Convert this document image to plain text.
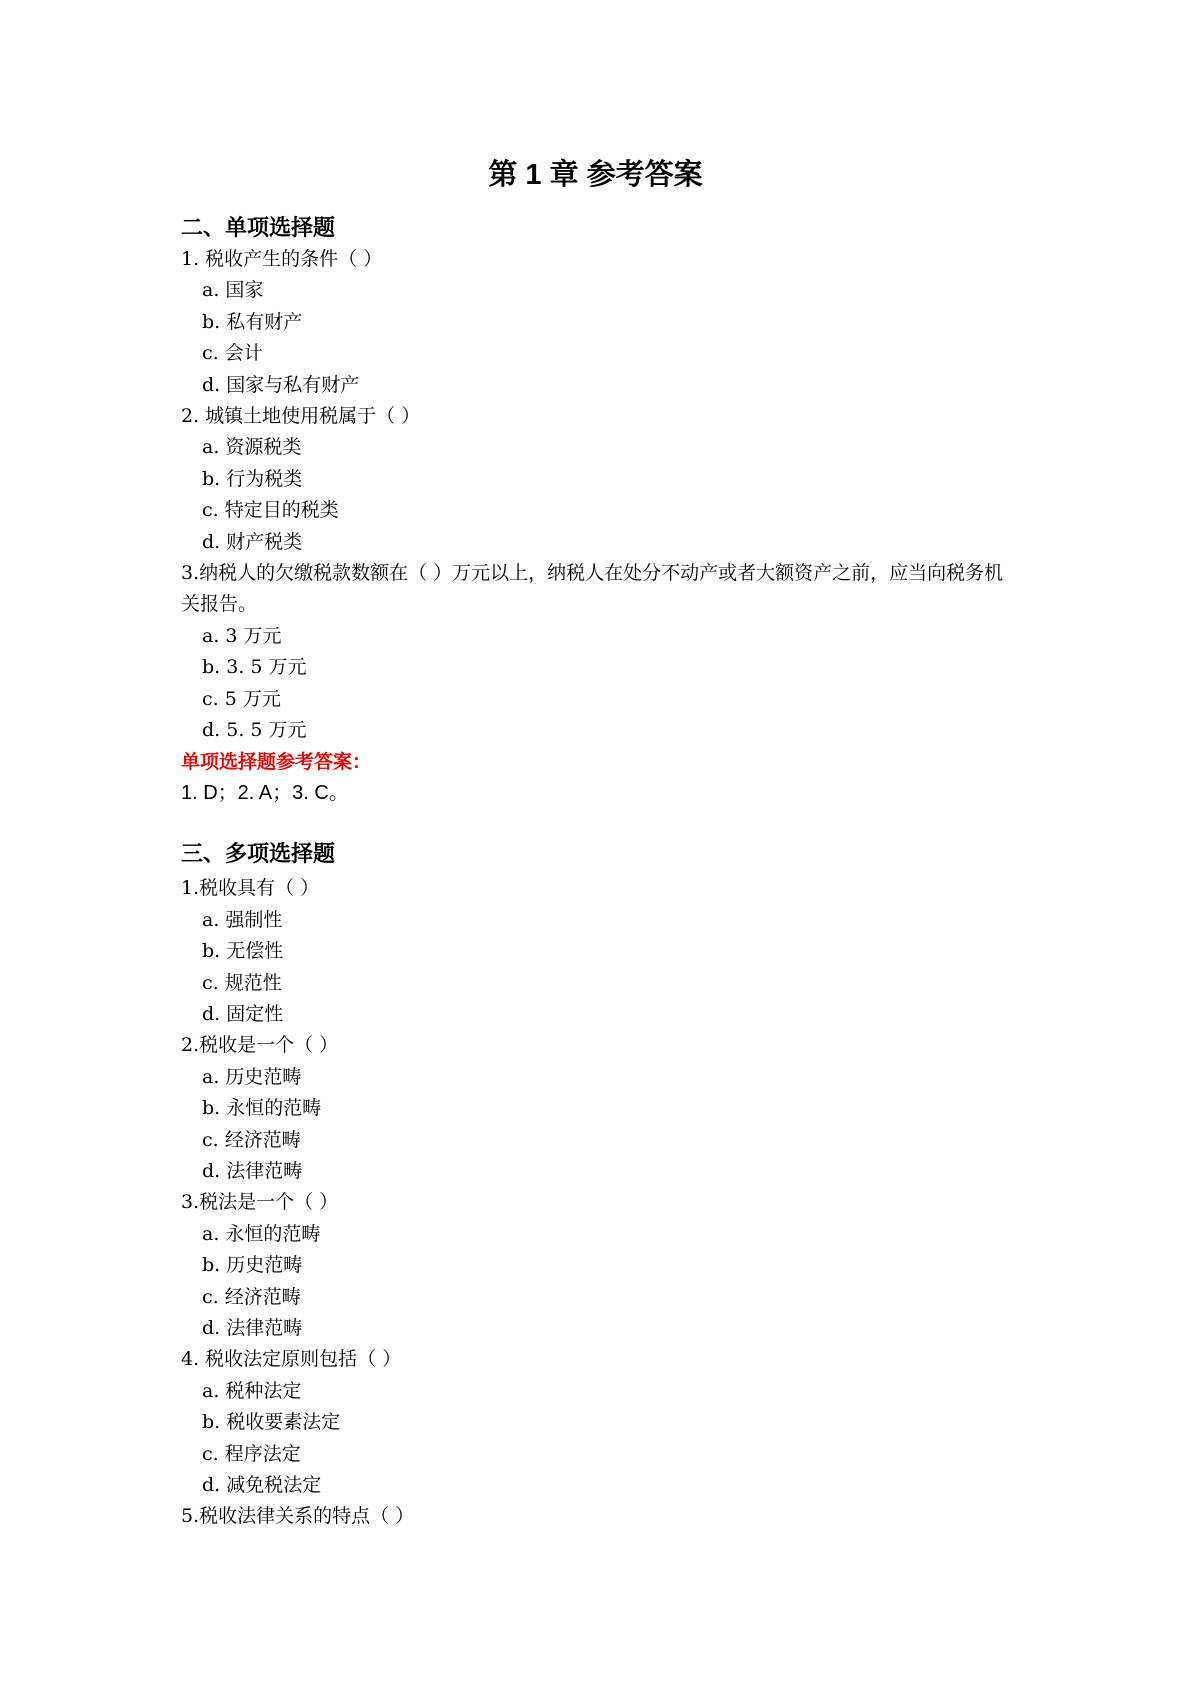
第 1 章 参考答案

二、单项选择题

1. 税收产生的条件（ ）

a. 国家

b. 私有财产

c. 会计

d. 国家与私有财产

2. 城镇土地使用税属于（ ）

a. 资源税类

b. 行为税类

c. 特定目的税类

d. 财产税类

3.纳税人的欠缴税款数额在（ ）万元以上，纳税人在处分不动产或者大额资产之前，应当向税务机关报告。

a. 3 万元

b. 3. 5 万元

c. 5 万元

d. 5. 5 万元

单项选择题参考答案：

1. D；2. A；3. C。

三、多项选择题

1.税收具有（ ）

a. 强制性

b. 无偿性

c. 规范性

d. 固定性

2.税收是一个（ ）

a. 历史范畴

b. 永恒的范畴

c. 经济范畴

d. 法律范畴

3.税法是一个（ ）

a. 永恒的范畴

b. 历史范畴

c. 经济范畴

d. 法律范畴

4. 税收法定原则包括（ ）

a. 税种法定

b. 税收要素法定

c. 程序法定

d. 减免税法定

5.税收法律关系的特点（ ）
